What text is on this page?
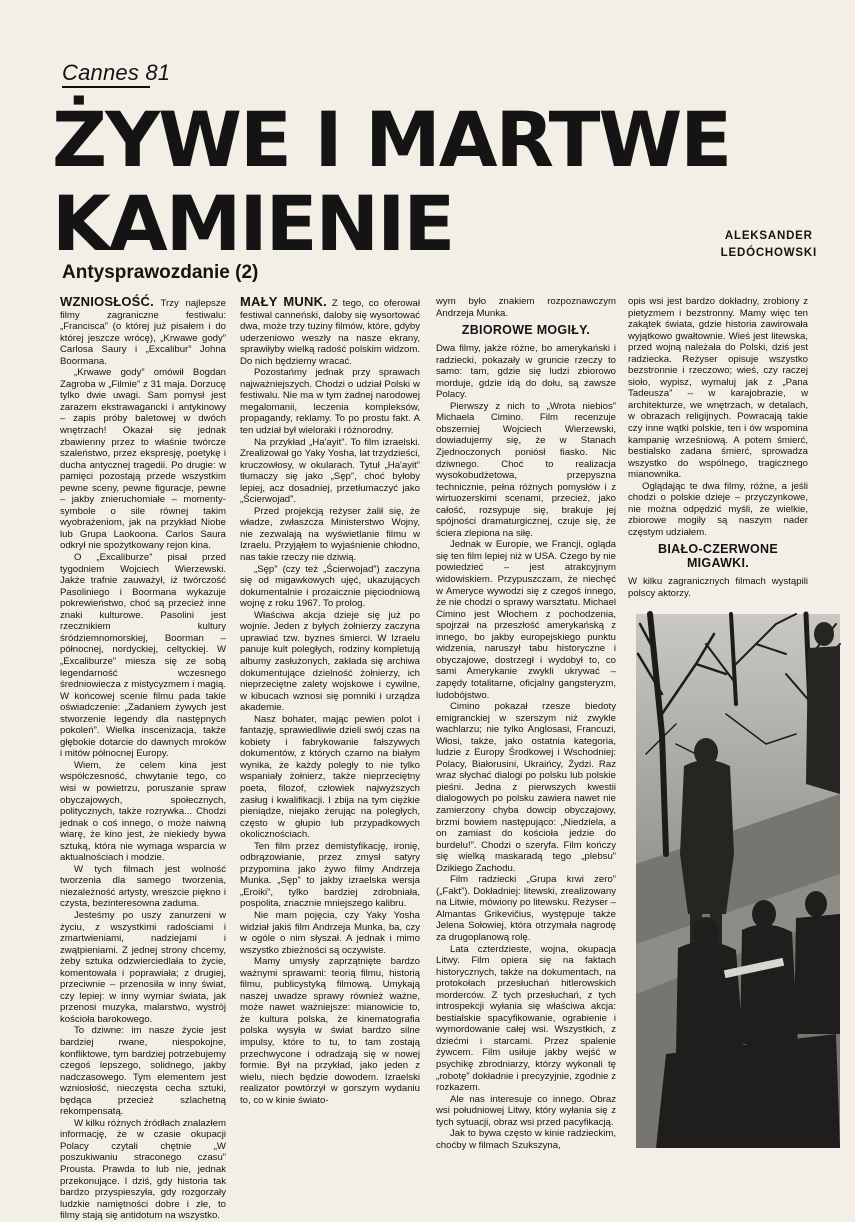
Cannes 81
ŻYWE I MARTWE
KAMIENIE	ALEKSANDER
LEDÓCHOWSKI
Antysprawozdanie (2)

WZNIOSŁOŚĆ. Trzy najlepsze filmy zagraniczne festiwalu: „Francisca” (o której już pisałem i do której jeszcze wrócę), „Krwawe gody” Carlosa Saury i „Excalibur” Johna Boormana.

„Krwawe gody” omówił Bogdan Zagroba w „Filmie” z 31 maja. Dorzucę tylko dwie uwagi. Sam pomysł jest zarazem ekstrawagancki i antykinowy – zapis próby baletowej w dwóch wnętrzach! Okazał się jednak zbawienny przez to właśnie twórcze szaleństwo, przez ekspresję, poetykę i ducha antycznej tragedii. Po drugie: w pamięci pozostają przede wszystkim pewne sceny, pewne figuracje, pewne – jakby znieruchomiałe – momenty-symbole o sile równej takim wyobrażeniom, jak na przykład Niobe lub Grupa Laokoona. Carlos Saura odkrył nie spożytkowany rejon kina.

O „Excaliburze” pisał przed tygodniem Wojciech Wierzewski. Jakże trafnie zauważył, iż twórczość Pasoliniego i Boormana wykazuje pokrewieństwo, choć są przecież inne znaki kulturowe. Pasolini jest rzecznikiem kultury śródziemnomorskiej, Boorman – północnej, nordyckiej, celtyckiej. W „Excaliburze” miesza się ze sobą legendarność wczesnego średniowiecza z mistycyzmem i magią. W końcowej scenie filmu pada takie oświadczenie: „Zadaniem żywych jest stworzenie legendy dla następnych pokoleń”. Wielka inscenizacja, także głębokie dotarcie do dawnych mroków i mitów północnej Europy.

Wiem, że celem kina jest współczesność, chwytanie tego, co wisi w powietrzu, poruszanie spraw obyczajowych, społecznych, politycznych, także rozrywka... Chodzi jednak o coś innego, o może naiwną wiarę, że kino jest, że niekiedy bywa sztuką, która nie wymaga wsparcia w aktualnościach i modzie.

W tych filmach jest wolność tworzenia dla samego tworzenia, niezależność artysty, wreszcie piękno i czysta, bezinteresowna zaduma.

Jesteśmy po uszy zanurzeni w życiu, z wszystkimi radościami i zmartwieniami, nadziejami i zwątpieniami. Z jednej strony chcemy, żeby sztuka odzwierciedlała to życie, komentowała i poprawiała; z drugiej, przeciwnie – przenosiła w inny świat, czy lepiej: w inny wymiar świata, jak przenosi muzyka, malarstwo, wystrój kościoła barokowego.

To dziwne: im nasze życie jest bardziej rwane, niespokojne, konfliktowe, tym bardziej potrzebujemy czegoś lepszego, solidnego, jakby nadczasowego. Tym elementem jest wzniosłość, nieczęsta cecha sztuki, będąca przecież szlachetną rekompensatą.

W kilku różnych źródłach znalazłem informację, że w czasie okupacji Polacy czytali chętnie „W poszukiwaniu straconego czasu” Prousta. Prawda to lub nie, jednak przekonujące. I dziś, gdy historia tak bardzo przyspieszyła, gdy rozgorzały ludzkie namiętności dobre i złe, to filmy stają się antidotum na wszystko.

MAŁY MUNK. Z tego, co oferował festiwal canneński, daloby się wysortować dwa, może trzy tuziny filmów, które, gdyby uderzeniowo weszły na nasze ekrany, sprawiłyby wielką radość polskim widzom. Do nich będziemy wracać.

Pozostańmy jednak przy sprawach najważniejszych. Chodzi o udział Polski w festiwalu. Nie ma w tym żadnej narodowej megalomanii, leczenia kompleksów, propagandy, reklamy. To po prostu fakt. A ten udział był wieloraki i różnorodny.

Na przykład „Ha'ayit”. To film izraelski. Zrealizował go Yaky Yosha, lat trzydzieści, kruczowłosy, w okularach. Tytuł „Ha'ayit” tłumaczy się jako „Sęp”, choć byłoby lepiej, acz dosadniej, przetłumaczyć jako „Ścierwojad”.

Przed projekcją reżyser żalił się, że władze, zwłaszcza Ministerstwo Wojny, nie zezwalają na wyświetlanie filmu w Izraelu. Przyjąłem to wyjaśnienie chłodno, nas takie rzeczy nie dziwią.

„Sęp” (czy też „Ścierwojad”) zaczyna się od migawkowych ujęć, ukazujących dokumentalnie i prozaicznie pięciodniową wojnę z roku 1967. To prolog.

Właściwa akcja dzieje się już po wojnie. Jeden z byłych żołnierzy zaczyna uprawiać tzw. byznes śmierci. W Izraelu panuje kult poległych, rodziny kompletują albumy zasłużonych, zakłada się archiwa dokumentujące dzielność żołnierzy, ich nieprzeciętne zalety wojskowe i cywilne, w kibucach wznosi się pomniki i urządza akademie.

Nasz bohater, mając pewien polot i fantazję, sprawiedliwie dzieli swój czas na kobiety i fabrykowanie fałszywych dokumentów, z których czarno na białym wynika, że każdy poległy to nie tylko wspaniały żołnierz, także nieprzeciętny poeta, filozof, człowiek najwyższych zasług i kwalifikacji. I zbija na tym ciężkie pieniądze, niejako żerując na poległych, często w głupio lub przypadkowych okolicznościach.

Ten film przez demistyfikację, ironię, odbrązowianie, przez zmysł satyry przypomina jako żywo filmy Andrzeja Munka. „Sęp” to jakby izraelska wersja „Eroiki”, tylko bardziej zdrobniała, pospolita, znacznie mniejszego kalibru.

Nie mam pojęcia, czy Yaky Yosha widział jakiś film Andrzeja Munka, ba, czy w ogóle o nim słyszał. A jednak i mimo wszystko zbieżności są oczywiste.

Mamy umysły zaprzątnięte bardzo ważnymi sprawami: teorią filmu, historią filmu, publicystyką filmową. Umykają naszej uwadze sprawy również ważne, może nawet ważniejsze: mianowicie to, że kultura polska, że kinematografia polska wysyła w świat bardzo silne impulsy, które to tu, to tam zostają przechwycone i odradzają się w nowej formie. Był na przykład, jako jeden z wielu, niech będzie dowodem. Izraelski realizator powtórzył w gorszym wydaniu to, co w kinie świato-

wym było znakiem rozpoznawczym Andrzeja Munka.

ZBIOROWE MOGIŁY.

Dwa filmy, jakże różne, bo amerykański i radziecki, pokazały w gruncie rzeczy to samo: tam, gdzie się ludzi zbiorowo morduje, gdzie idą do dołu, są zawsze Polacy.

Pierwszy z nich to „Wrota niebios” Michaela Cimino. Film recenzuje obszerniej Wojciech Wierzewski, dowiadujemy się, że w Stanach Zjednoczonych poniósł fiasko. Nic dziwnego. Choć to realizacja wysokobudżetowa, przepyszna technicznie, pełna różnych pomysłów i z wirtuozerskimi scenami, przecież, jako całość, rozsypuje się, brakuje jej spójności dramaturgicznej, czuje się, że ściera zlepiona na siłę.

Jednak w Europie, we Francji, ogląda się ten film lepiej niż w USA. Czego by nie powiedzieć – jest atrakcyjnym widowiskiem. Przypuszczam, że niechęć w Ameryce wywodzi się z czegoś innego, że nie chodzi o sprawy warsztatu. Michael Cimino jest Włochem z pochodzenia, spojrzał na przeszłość amerykańską z innego, bo jakby europejskiego punktu widzenia, naruszył tabu historyczne i obyczajowe, dostrzegł i wydobył to, co sami Amerykanie zwykli ukrywać – zapędy totalitarne, oficjalny gangsteryzm, ludobójstwo.

Cimino pokazał rzesze biedoty emigranckiej w szerszym niż zwykle wachlarzu; nie tylko Anglosasi, Francuzi, Włosi, także, jako ostatnia kategoria, ludzie z Europy Środkowej i Wschodniej: Polacy, Białorusini, Ukraińcy, Żydzi. Raz wraz słychać dialogi po polsku lub polskie pieśni. Jedna z pierwszych kwestii dialogowych po polsku zawiera nawet nie zamierzony chyba dowcip obyczajowy, brzmi bowiem następująco: „Niedziela, a on zamiast do kościoła jedzie do burdelu!”. Chodzi o szeryfa. Film kończy się wielką maskaradą tego „plebsu” Dzikiego Zachodu.

Film radziecki „Grupa krwi zero” („Fakt”). Dokładniej: litewski, zrealizowany na Litwie, mówiony po litewsku. Reżyser – Almantas Grikevičius, występuje także Jelena Sołowiej, która otrzymała nagrodę za drugoplanową rolę.

Lata czterdzieste, wojna, okupacja Litwy. Film opiera się na faktach historycznych, także na dokumentach, na protokołach przesłuchań hitlerowskich morderców. Z tych przesłuchań, z tych introspekcji wyłania się właściwa akcja: bestialskie spacyfikowanie, ograbienie i wymordowanie całej wsi. Wszystkich, z dziećmi i starcami. Przez spalenie żywcem. Film usiłuje jakby wejść w psychikę zbrodniarzy, którzy wykonali tę „robotę” dokładnie i precyzyjnie, zgodnie z rozkazem.

Ale nas interesuje co innego. Obraz wsi południowej Litwy, który wyłania się z tych sytuacji, obraz wsi przed pacyfikacją.

Jak to bywa często w kinie radzieckim, choćby w filmach Szukszyna,

opis wsi jest bardzo dokładny, zrobiony z pietyzmem i bezstronny. Mamy więc ten zakątek świata, gdzie historia zawirowała wyjątkowo gwałtownie. Wieś jest litewska, przed wojną należała do Polski, dziś jest radziecka. Reżyser opisuje wszystko bezstronnie i rzeczowo; wieś, czy raczej sioło, wypisz, wymaluj jak z „Pana Tadeusza” – w karajobrazie, w architekturze, we wnętrzach, w detalach, w obrazach religijnych. Powracają takie czy inne wątki polskie, ten i ów wspomina kampanię wrześniową. A potem śmierć, bestialsko zadana śmierć, sprowadza wszystko do wspólnego, tragicznego mianownika.

Oglądając te dwa filmy, różne, a jeśli chodzi o polskie dzieje – przyczynkowe, nie można odpędzić myśli, że wielkie, zbiorowe mogiły są naszym nader częstym udziałem.

BIAŁO-CZERWONE MIGAWKI.

W kilku zagranicznych filmach wystąpili polscy aktorzy.
